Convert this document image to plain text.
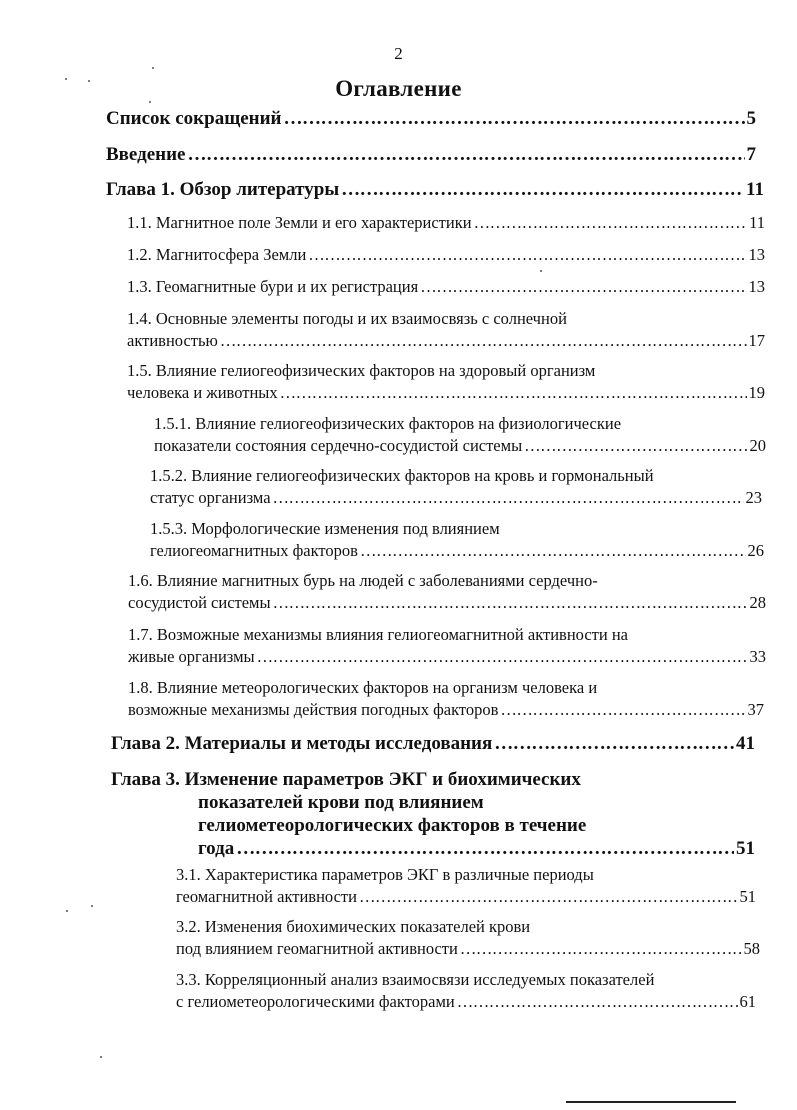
2
Оглавление
Список сокращений …………………………………………………………………………………………………………………………………………………………………………………………………………………………………	5
Введение …………………………………………………………………………………………………………………………………………………………………………………………………………………………………	7
Глава 1. Обзор литературы …………………………………………………………………………………………………………………………………………………………………………………………………………………………………	11
1.1. Магнитное поле Земли и его характеристики …………………………………………………………………………………………………………………………………………………………………………………………………………………………………	11
1.2. Магнитосфера Земли …………………………………………………………………………………………………………………………………………………………………………………………………………………………………	13
1.3. Геомагнитные бури и их регистрация …………………………………………………………………………………………………………………………………………………………………………………………………………………………………	13
1.4. Основные элементы погоды и их взаимосвязь с солнечной
активностью …………………………………………………………………………………………………………………………………………………………………………………………………………………………………	17
1.5. Влияние гелиогеофизических факторов на здоровый организм
человека и животных …………………………………………………………………………………………………………………………………………………………………………………………………………………………………	19
1.5.1. Влияние гелиогеофизических факторов на физиологические
показатели состояния сердечно-сосудистой системы …………………………………………………………………………………………………………………………………………………………………………………………………………………………………	20
1.5.2. Влияние гелиогеофизических факторов на кровь и гормональный
статус организма …………………………………………………………………………………………………………………………………………………………………………………………………………………………………	23
1.5.3. Морфологические изменения под влиянием
гелиогеомагнитных факторов …………………………………………………………………………………………………………………………………………………………………………………………………………………………………	26
1.6. Влияние магнитных бурь на людей с заболеваниями сердечно-
сосудистой системы …………………………………………………………………………………………………………………………………………………………………………………………………………………………………	28
1.7. Возможные механизмы влияния гелиогеомагнитной активности на
живые организмы …………………………………………………………………………………………………………………………………………………………………………………………………………………………………	33
1.8. Влияние метеорологических факторов на организм человека и
возможные механизмы действия погодных факторов …………………………………………………………………………………………………………………………………………………………………………………………………………………………………	37
Глава 2. Материалы и методы исследования …………………………………………………………………………………………………………………………………………………………………………………………………………………………………	41
Глава 3. Изменение параметров ЭКГ и биохимических
показателей крови под влиянием
гелиометеорологических факторов в течение
года …………………………………………………………………………………………………………………………………………………………………………………………………………………………………	51
3.1. Характеристика параметров ЭКГ в различные периоды
геомагнитной активности …………………………………………………………………………………………………………………………………………………………………………………………………………………………………	51
3.2. Изменения биохимических показателей крови
под влиянием геомагнитной активности …………………………………………………………………………………………………………………………………………………………………………………………………………………………………	58
3.3. Корреляционный анализ взаимосвязи исследуемых показателей
с гелиометеорологическими факторами …………………………………………………………………………………………………………………………………………………………………………………………………………………………………	61
